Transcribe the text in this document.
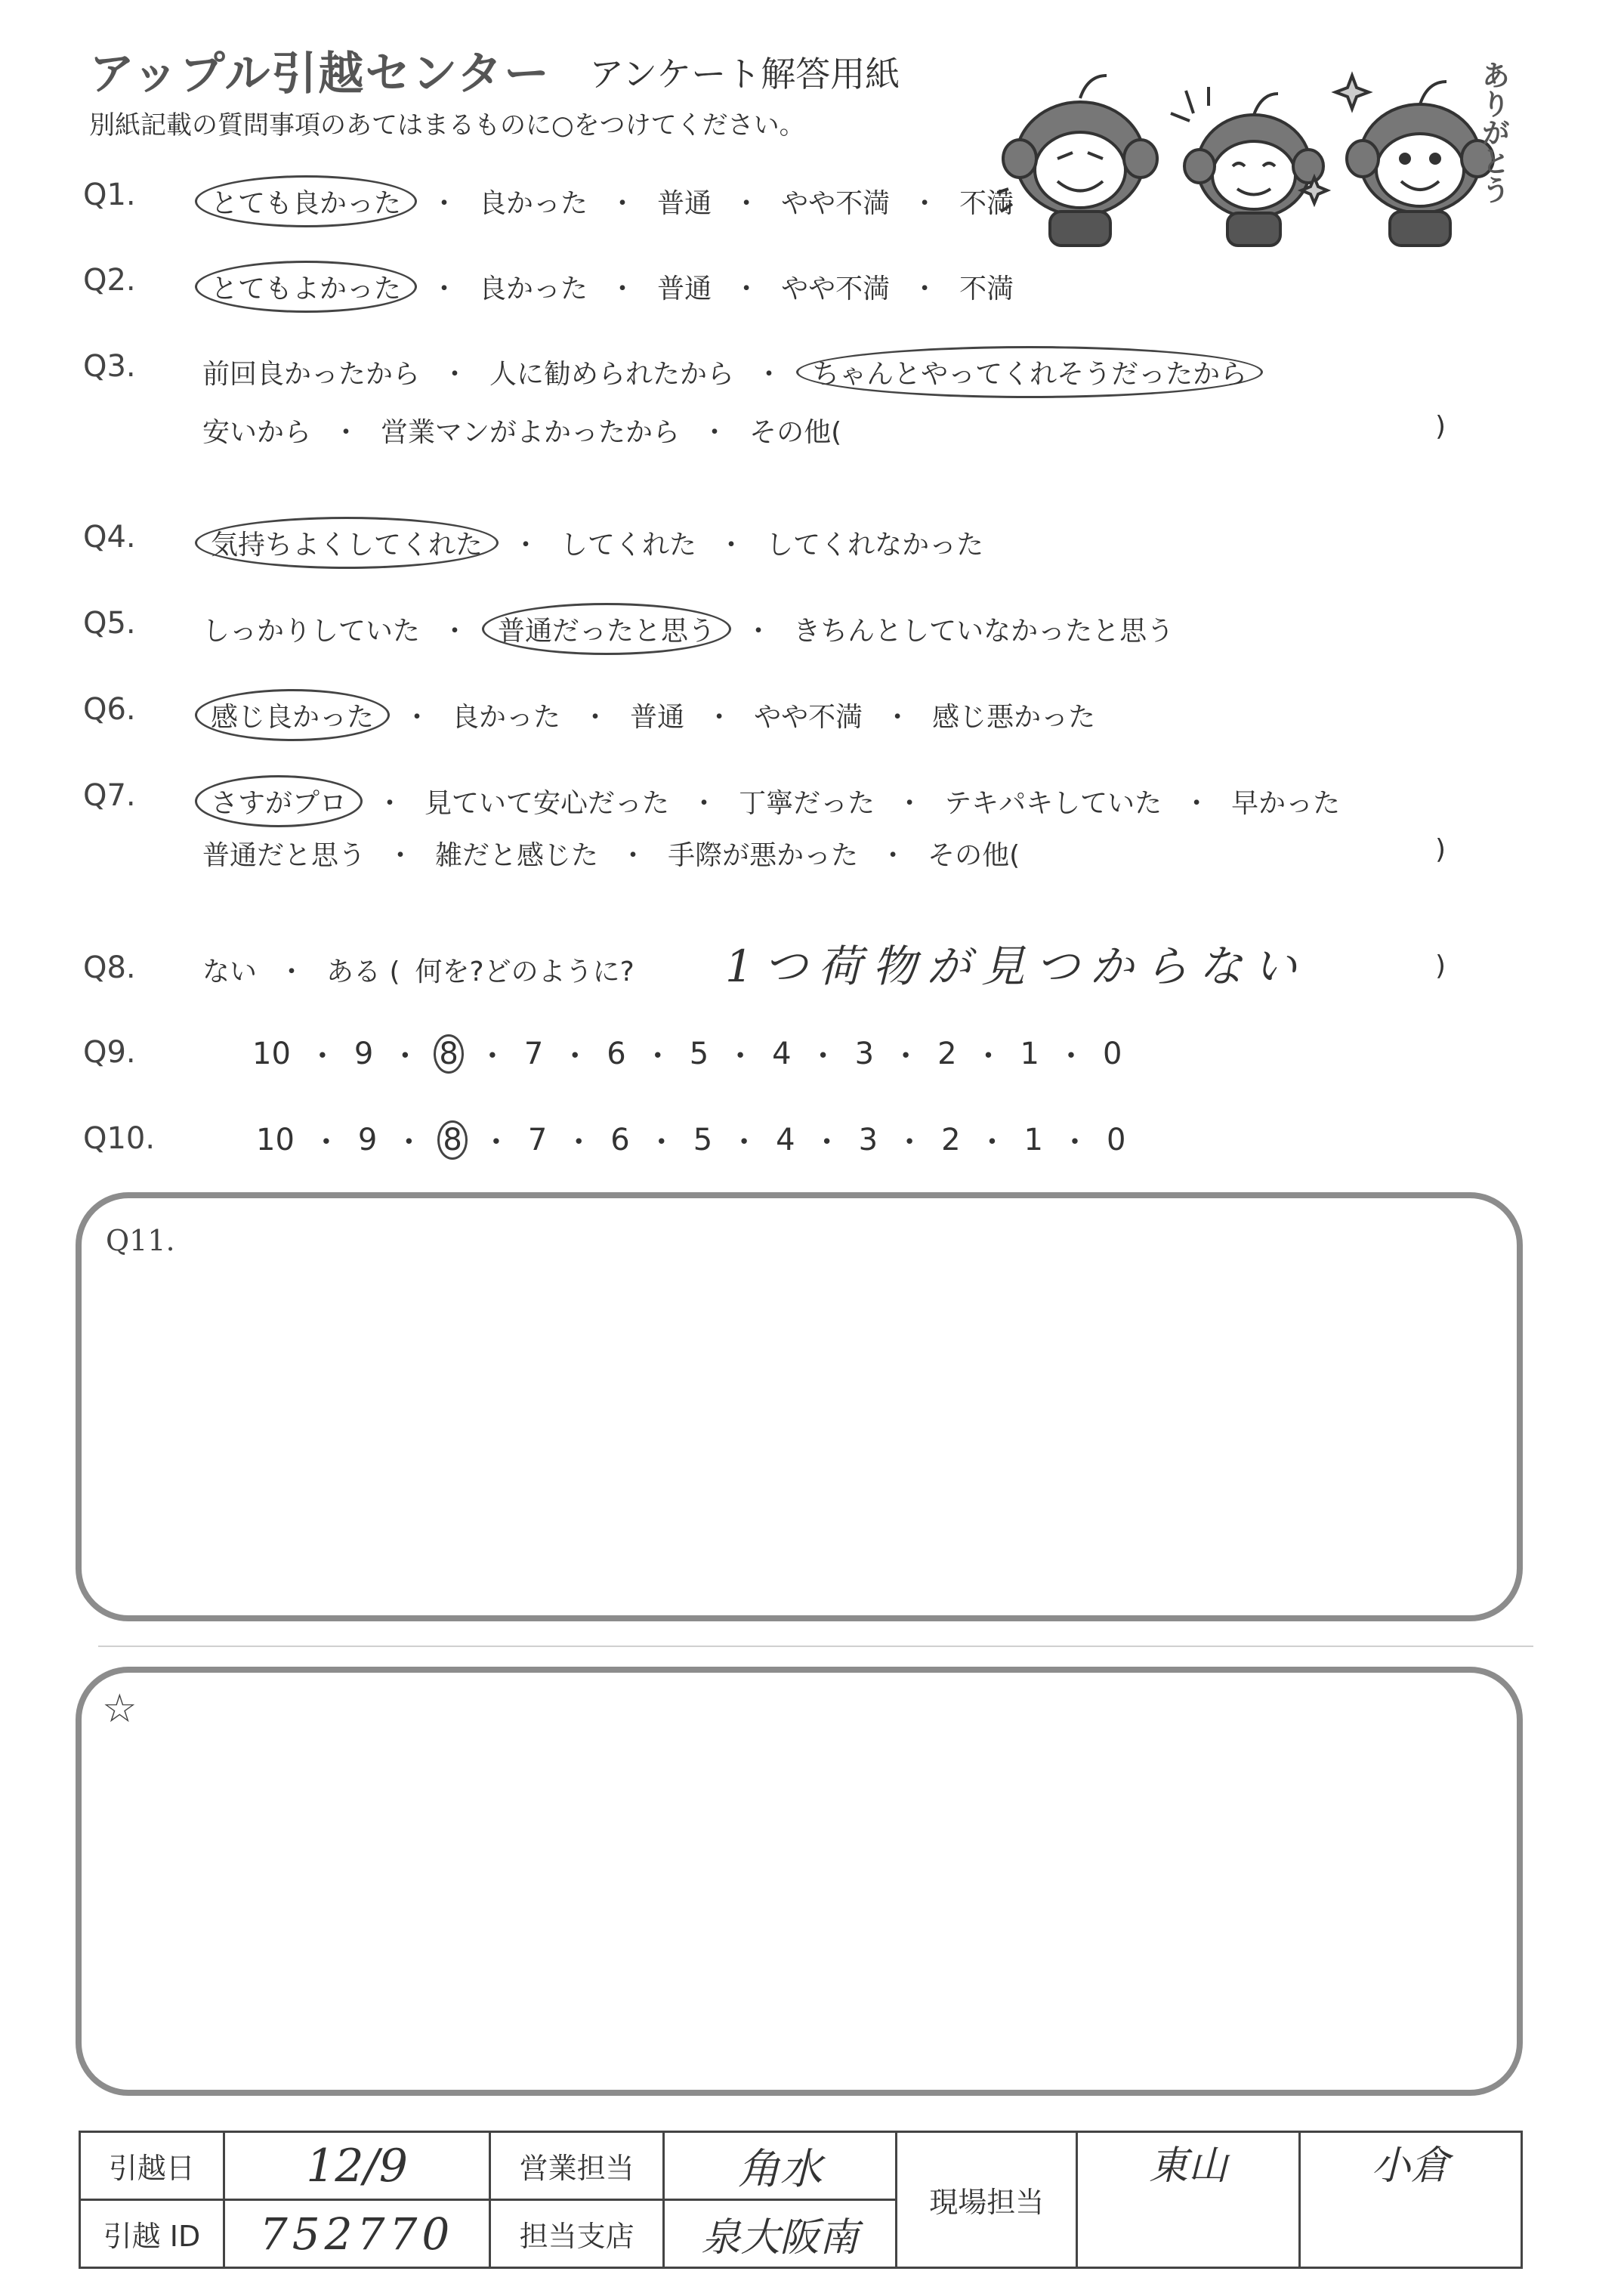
アップル引越センター アンケート解答用紙
別紙記載の質問事項のあてはまるものに○をつけてください。	ありがとう
Q1.	とても良かった	・ 良かった ・ 普通 ・ やや不満 ・ 不満
Q2.	とてもよかった	・ 良かった ・ 普通 ・ やや不満 ・ 不満
Q3. 前回良かったから ・ 人に勧められたから ・	ちゃんとやってくれそうだったから
安いから ・ 営業マンがよかったから ・ その他(	)
Q4.	気持ちよくしてくれた	・ してくれた ・ してくれなかった
Q5. しっかりしていた ・	普通だったと思う	・ きちんとしていなかったと思う
Q6.	感じ良かった	・ 良かった ・ 普通 ・ やや不満 ・ 感じ悪かった
Q7.	さすがプロ	・ 見ていて安心だった ・ 丁寧だった ・ テキパキしていた ・ 早かった
普通だと思う ・ 雑だと感じた ・ 手際が悪かった ・ その他(	)
Q8. ない ・ ある ( 何を?どのように? 1つ荷物が見つからない	)
Q9.	10 ・ 9 ・ 8 ・ 7 ・ 6 ・ 5 ・ 4 ・ 3 ・ 2 ・ 1 ・ 0
Q10.	10 ・ 9 ・ 8 ・ 7 ・ 6 ・ 5 ・ 4 ・ 3 ・ 2 ・ 1 ・ 0
Q11.
☆
引越日	12/9	営業担当	角水	現場担当	東山	小倉
引越 ID	752770	担当支店	泉大阪南			
